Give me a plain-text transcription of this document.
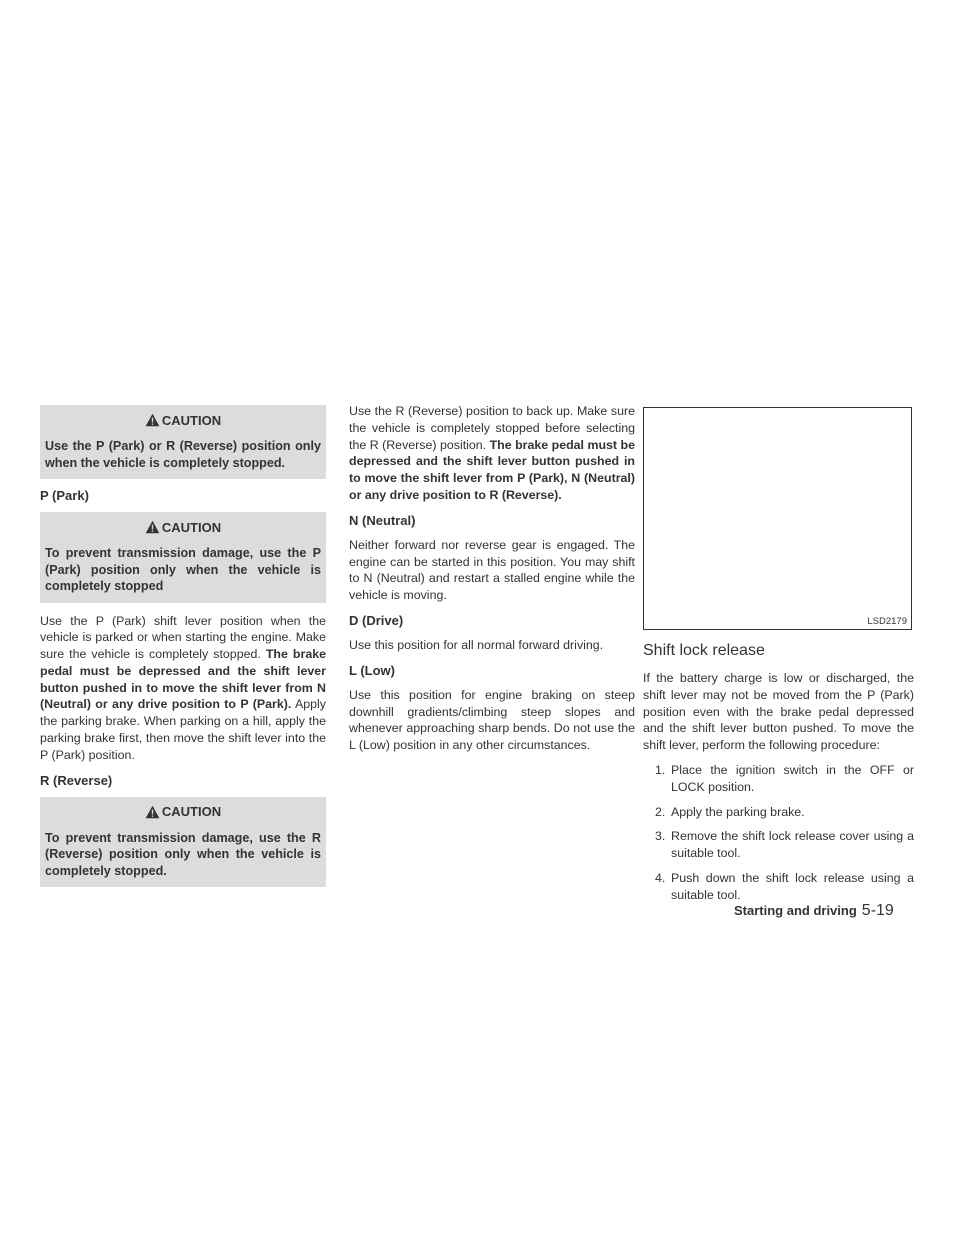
CAUTION
Use the P (Park) or R (Reverse) position only when the vehicle is completely stopped.
P (Park)
CAUTION
To prevent transmission damage, use the P (Park) position only when the vehicle is completely stopped

Use the P (Park) shift lever position when the vehicle is parked or when starting the engine. Make sure the vehicle is completely stopped. The brake pedal must be depressed and the shift lever button pushed in to move the shift lever from N (Neutral) or any drive position to P (Park). Apply the parking brake. When parking on a hill, apply the parking brake first, then move the shift lever into the P (Park) position.

R (Reverse)
CAUTION
To prevent transmission damage, use the R (Reverse) position only when the vehicle is completely stopped.

Use the R (Reverse) position to back up. Make sure the vehicle is completely stopped before selecting the R (Reverse) position. The brake pedal must be depressed and the shift lever button pushed in to move the shift lever from P (Park), N (Neutral) or any drive position to R (Reverse).

N (Neutral)

Neither forward nor reverse gear is engaged. The engine can be started in this position. You may shift to N (Neutral) and restart a stalled engine while the vehicle is moving.

D (Drive)

Use this position for all normal forward driving.

L (Low)

Use this position for engine braking on steep downhill gradients/climbing steep slopes and whenever approaching sharp bends. Do not use the L (Low) position in any other circumstances.

LSD2179
Shift lock release

If the battery charge is low or discharged, the shift lever may not be moved from the P (Park) position even with the brake pedal depressed and the shift lever button pushed. To move the shift lever, perform the following procedure:

1. Place the ignition switch in the OFF or LOCK position.
2. Apply the parking brake.
3. Remove the shift lock release cover using a suitable tool.
4. Push down the shift lock release using a suitable tool.
Starting and driving 5-19
